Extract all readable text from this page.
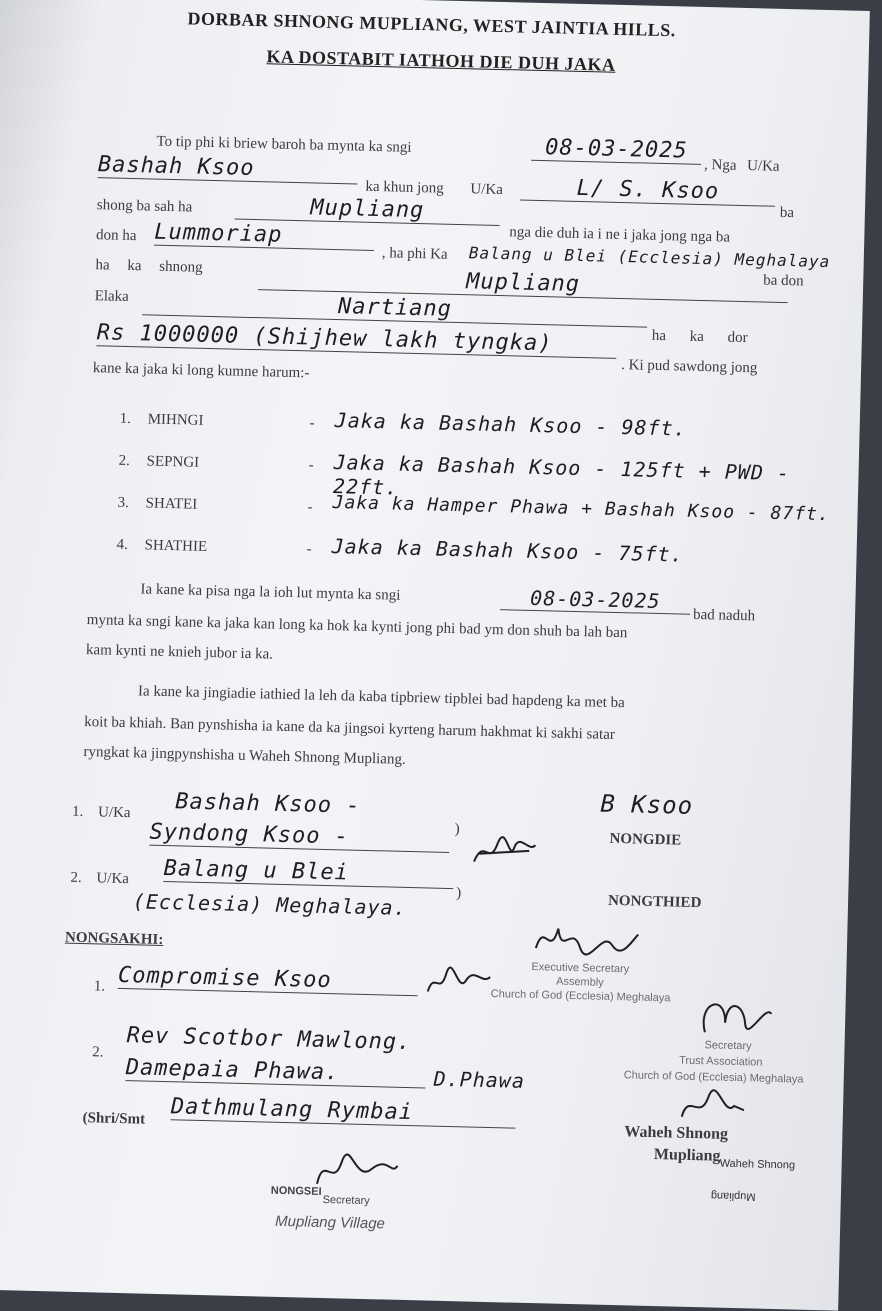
DORBAR SHNONG MUPLIANG, WEST JAINTIA HILLS.
KA DOSTABIT IATHOH DIE DUH JAKA
To tip phi ki briew baroh ba mynta ka sngi	08-03-2025
, Nga U/Ka
Bashah Ksoo
ka khun jong U/Ka	L/ S. Ksoo
ba
shong ba sah ha	Mupliang
nga die duh ia i ne i jaka jong nga ba
don ha Lummoriap
, ha phi Ka Balang u Blei (Ecclesia) Meghalaya
ba don
ha ka shnong
Mupliang
Elaka	Nartiang
ha ka dor
Rs 1000000 (Shijhew lakh tyngka)
. Ki pud sawdong jong
kane ka jaka ki long kumne harum:-
1. MIHNGI	- Jaka ka Bashah Ksoo - 98ft.
2. SEPNGI	- Jaka ka Bashah Ksoo - 125ft + PWD - 22ft.
3. SHATEI	- Jaka ka Hamper Phawa + Bashah Ksoo - 87ft.
4. SHATHIE	- Jaka ka Bashah Ksoo - 75ft.
Ia kane ka pisa nga la ioh lut mynta ka sngi	08-03-2025
bad naduh
mynta ka sngi kane ka jaka kan long ka hok ka kynti jong phi bad ym don shuh ba lah ban
kam kynti ne knieh jubor ia ka.
Ia kane ka jingiadie iathied la leh da kaba tipbriew tipblei bad hapdeng ka met ba
koit ba khiah. Ban pynshisha ia kane da ka jingsoi kyrteng harum hakhmat ki sakhi satar
ryngkat ka jingpynshisha u Waheh Shnong Mupliang.
1. U/Ka Bashah Ksoo -
Syndong Ksoo -	)
B Ksoo
NONGDIE
2. U/Ka Balang u Blei
)
(Ecclesia) Meghalaya.	NONGTHIED
NONGSAKHI:
Executive Secretary
Assembly
Church of God (Ecclesia) Meghalaya
1. Compromise Ksoo
Secretary
Trust Association
Church of God (Ecclesia) Meghalaya
2. Rev Scotbor Mawlong.
Damepaia Phawa.	D.Phawa
(Shri/Smt Dathmulang Rymbai
Waheh Shnong
Mupliang
Waheh Shnong
Mupliang
NONGSEI
Secretary
Mupliang Village
